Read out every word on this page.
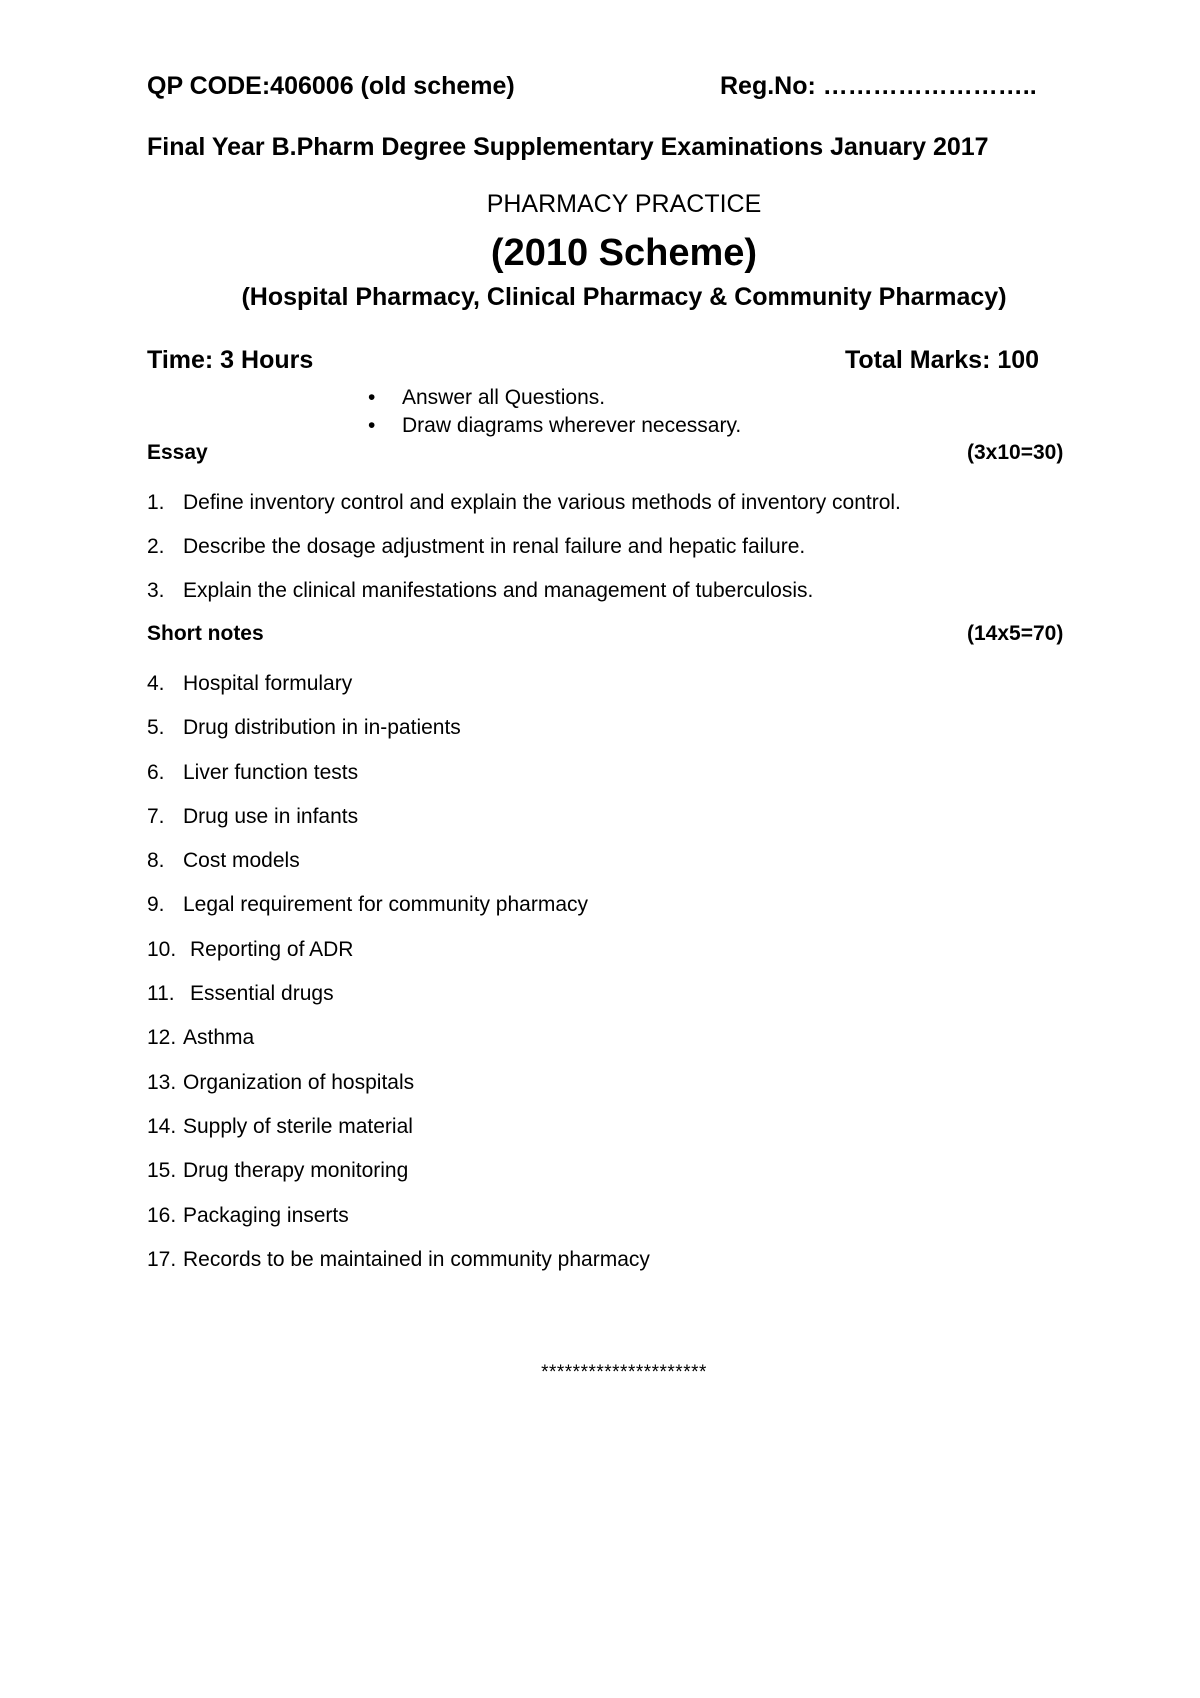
QP CODE:406006 (old scheme)	Reg.No: ……………………..
Final Year B.Pharm Degree Supplementary Examinations January 2017
PHARMACY PRACTICE
(2010 Scheme)
(Hospital Pharmacy, Clinical Pharmacy & Community Pharmacy)
Time: 3 Hours	Total Marks: 100
• Answer all Questions.
• Draw diagrams wherever necessary.
Essay	(3x10=30)
1. Define inventory control and explain the various methods of inventory control.
2. Describe the dosage adjustment in renal failure and hepatic failure.
3. Explain the clinical manifestations and management of tuberculosis.
Short notes	(14x5=70)
4. Hospital formulary
5. Drug distribution in in-patients
6. Liver function tests
7. Drug use in infants
8. Cost models
9. Legal requirement for community pharmacy
10. Reporting of ADR
11. Essential drugs
12. Asthma
13. Organization of hospitals
14. Supply of sterile material
15. Drug therapy monitoring
16. Packaging inserts
17. Records to be maintained in community pharmacy
*********************
